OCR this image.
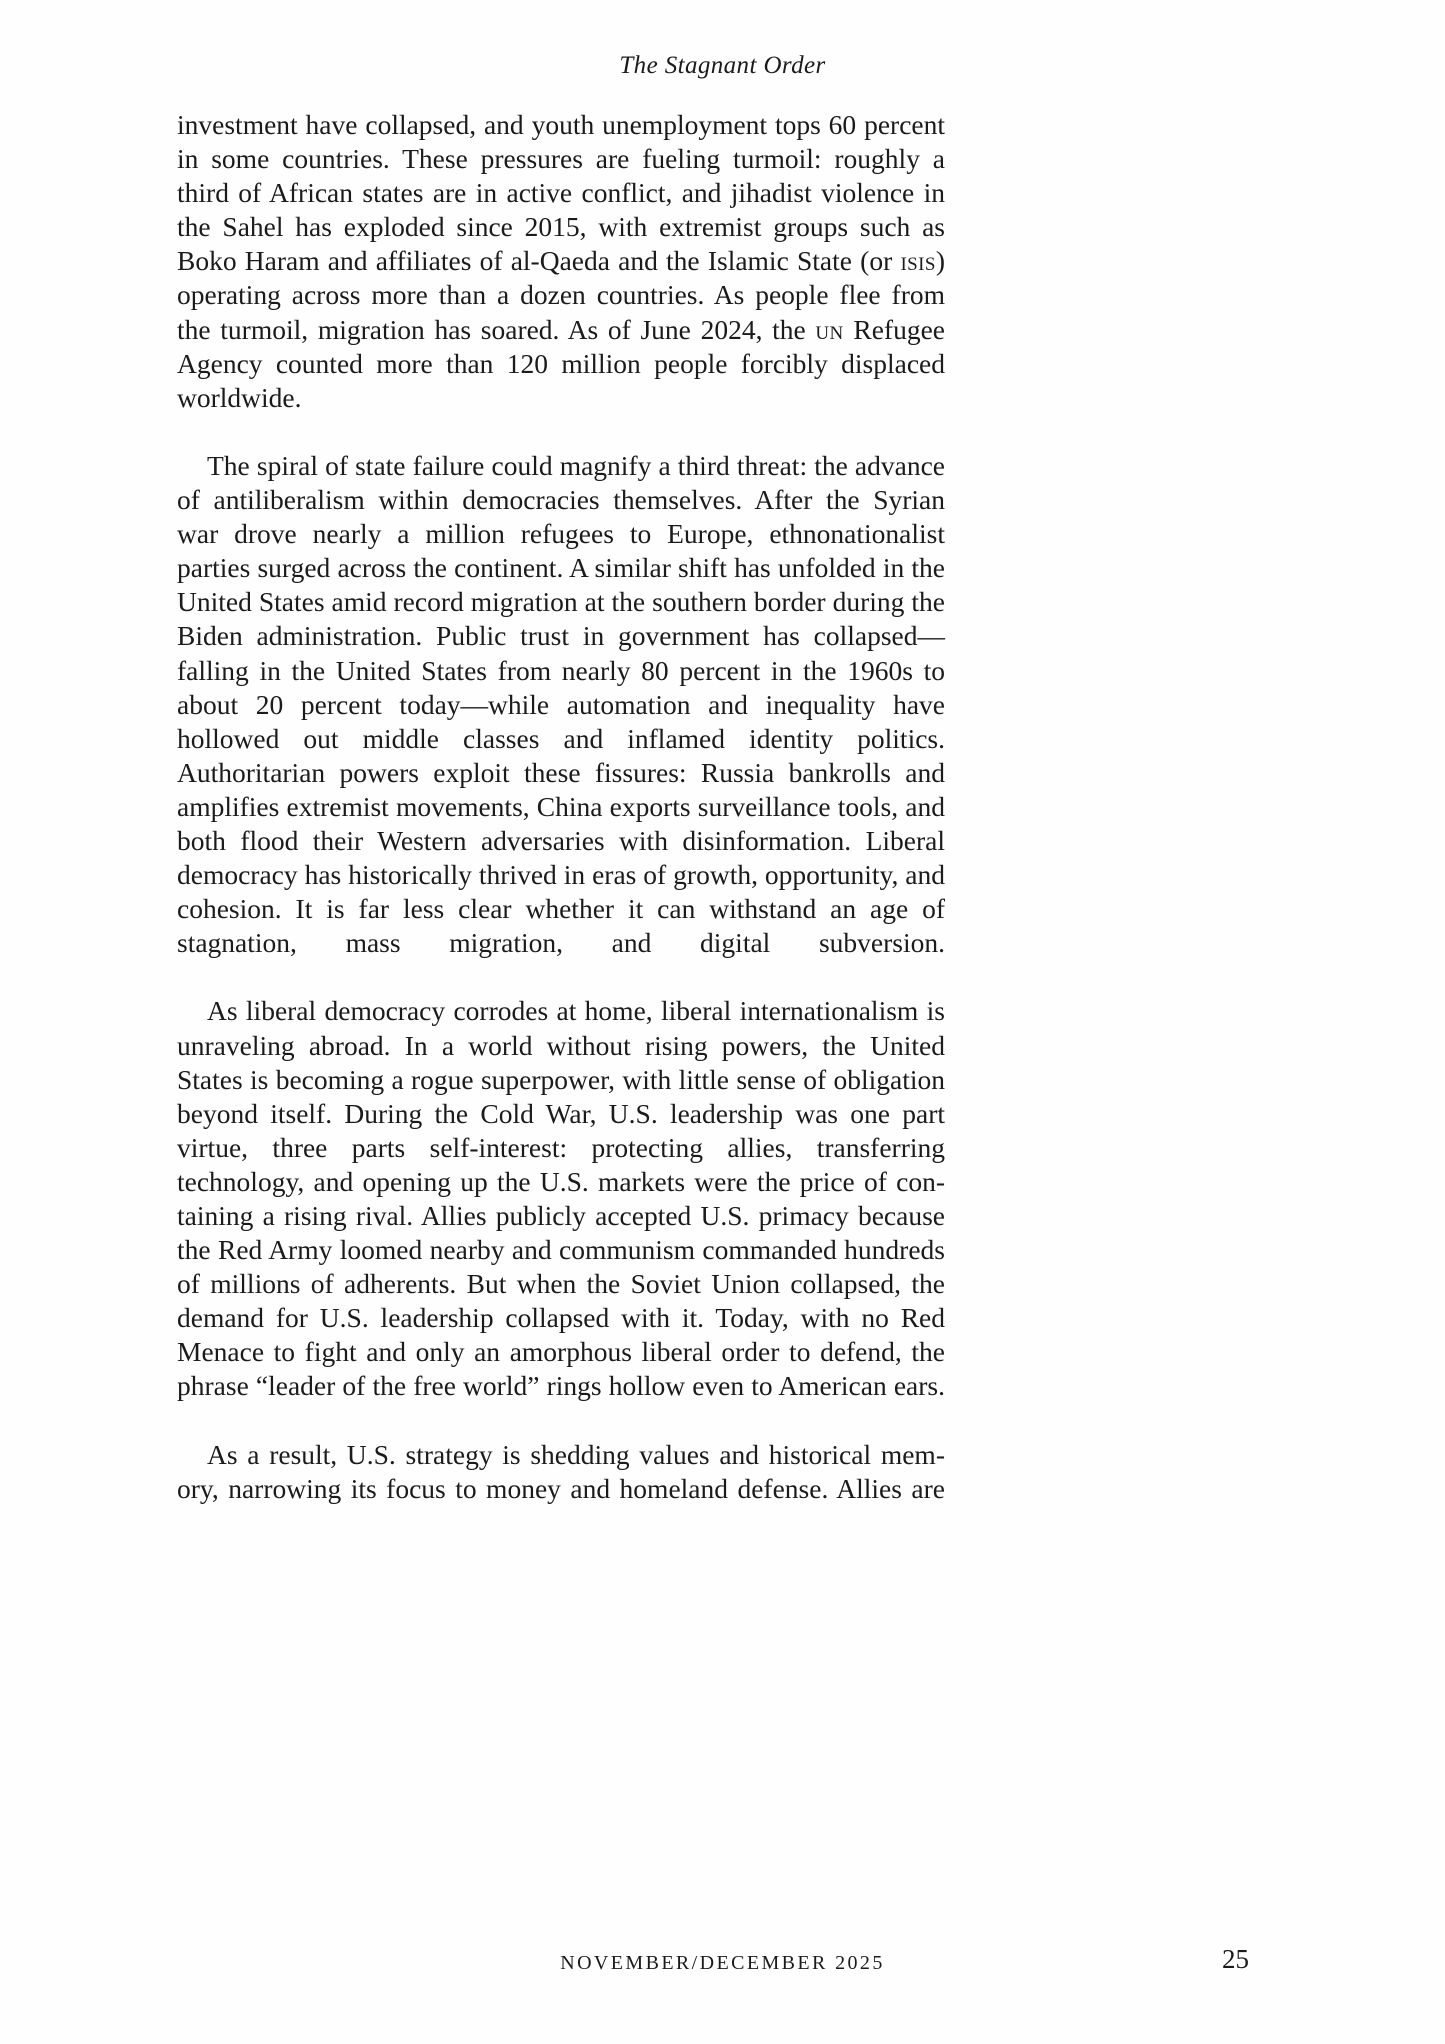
The Stagnant Order

investment have collapsed, and youth unemployment tops 60 percent in some countries. These pressures are fueling turmoil: roughly a third of African states are in active conflict, and jihadist violence in the Sahel has exploded since 2015, with extremist groups such as Boko Haram and affiliates of al-Qaeda and the Islamic State (or isis) operating across more than a dozen countries. As people flee from the turmoil, migration has soared. As of June 2024, the un Refugee Agency counted more than 120 million people forcibly displaced worldwide.

The spiral of state failure could magnify a third threat: the advance of antiliberalism within democracies themselves. After the Syrian war drove nearly a million refugees to Europe, ethnonationalist parties surged across the continent. A similar shift has unfolded in the United States amid record migration at the southern border during the Biden administration. Public trust in government has collapsed—falling in the United States from nearly 80 percent in the 1960s to about 20 percent today—while automation and inequality have hollowed out middle classes and inflamed identity politics. Authoritarian powers exploit these fissures: Russia bankrolls and amplifies extremist movements, China exports surveillance tools, and both flood their Western adversaries with disinformation. Liberal democracy has historically thrived in eras of growth, opportunity, and cohesion. It is far less clear whether it can withstand an age of stagnation, mass migration, and digital subversion.

As liberal democracy corrodes at home, liberal internationalism is unraveling abroad. In a world without rising powers, the United States is becoming a rogue superpower, with little sense of obligation beyond itself. During the Cold War, U.S. leadership was one part virtue, three parts self-interest: protecting allies, transferring technology, and opening up the U.S. markets were the price of containing a rising rival. Allies publicly accepted U.S. primacy because the Red Army loomed nearby and communism commanded hundreds of millions of adherents. But when the Soviet Union collapsed, the demand for U.S. leadership collapsed with it. Today, with no Red Menace to fight and only an amorphous liberal order to defend, the phrase “leader of the free world” rings hollow even to American ears.

As a result, U.S. strategy is shedding values and historical memory, narrowing its focus to money and homeland defense. Allies are

NOVEMBER/DECEMBER 2025	25
